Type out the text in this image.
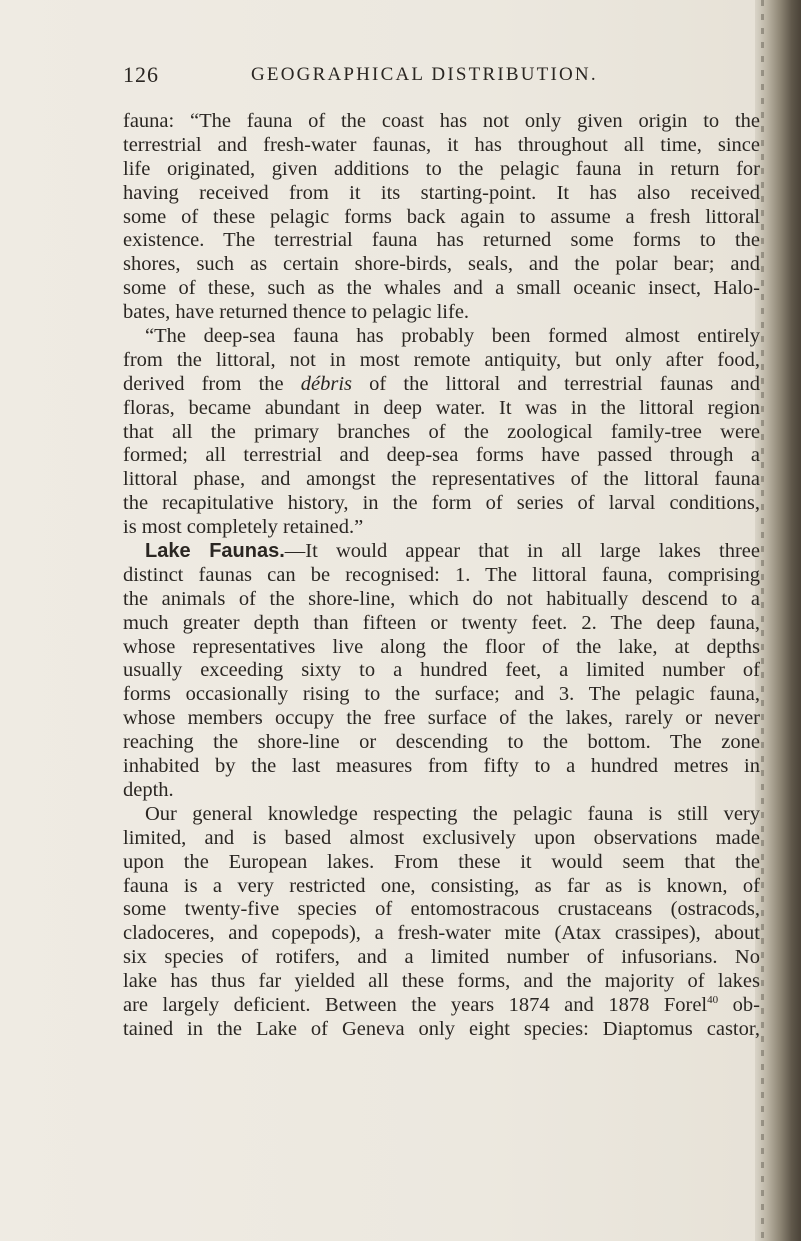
126	GEOGRAPHICAL DISTRIBUTION.
fauna: “The fauna of the coast has not only given origin to the
terrestrial and fresh-water faunas, it has throughout all time, since
life originated, given additions to the pelagic fauna in return for
having received from it its starting-point. It has also received
some of these pelagic forms back again to assume a fresh littoral
existence. The terrestrial fauna has returned some forms to the
shores, such as certain shore-birds, seals, and the polar bear; and
some of these, such as the whales and a small oceanic insect, Halo-
bates, have returned thence to pelagic life.
“The deep-sea fauna has probably been formed almost entirely
from the littoral, not in most remote antiquity, but only after food,
derived from the débris of the littoral and terrestrial faunas and
floras, became abundant in deep water. It was in the littoral region
that all the primary branches of the zoological family-tree were
formed; all terrestrial and deep-sea forms have passed through a
littoral phase, and amongst the representatives of the littoral fauna
the recapitulative history, in the form of series of larval conditions,
is most completely retained.”
Lake Faunas.—It would appear that in all large lakes three
distinct faunas can be recognised: 1. The littoral fauna, comprising
the animals of the shore-line, which do not habitually descend to a
much greater depth than fifteen or twenty feet. 2. The deep fauna,
whose representatives live along the floor of the lake, at depths
usually exceeding sixty to a hundred feet, a limited number of
forms occasionally rising to the surface; and 3. The pelagic fauna,
whose members occupy the free surface of the lakes, rarely or never
reaching the shore-line or descending to the bottom. The zone
inhabited by the last measures from fifty to a hundred metres in
depth.
Our general knowledge respecting the pelagic fauna is still very
limited, and is based almost exclusively upon observations made
upon the European lakes. From these it would seem that the
fauna is a very restricted one, consisting, as far as is known, of
some twenty-five species of entomostracous crustaceans (ostracods,
cladoceres, and copepods), a fresh-water mite (Atax crassipes), about
six species of rotifers, and a limited number of infusorians. No
lake has thus far yielded all these forms, and the majority of lakes
are largely deficient. Between the years 1874 and 1878 Forel$^{40}$ ob-
tained in the Lake of Geneva only eight species: Diaptomus castor,
